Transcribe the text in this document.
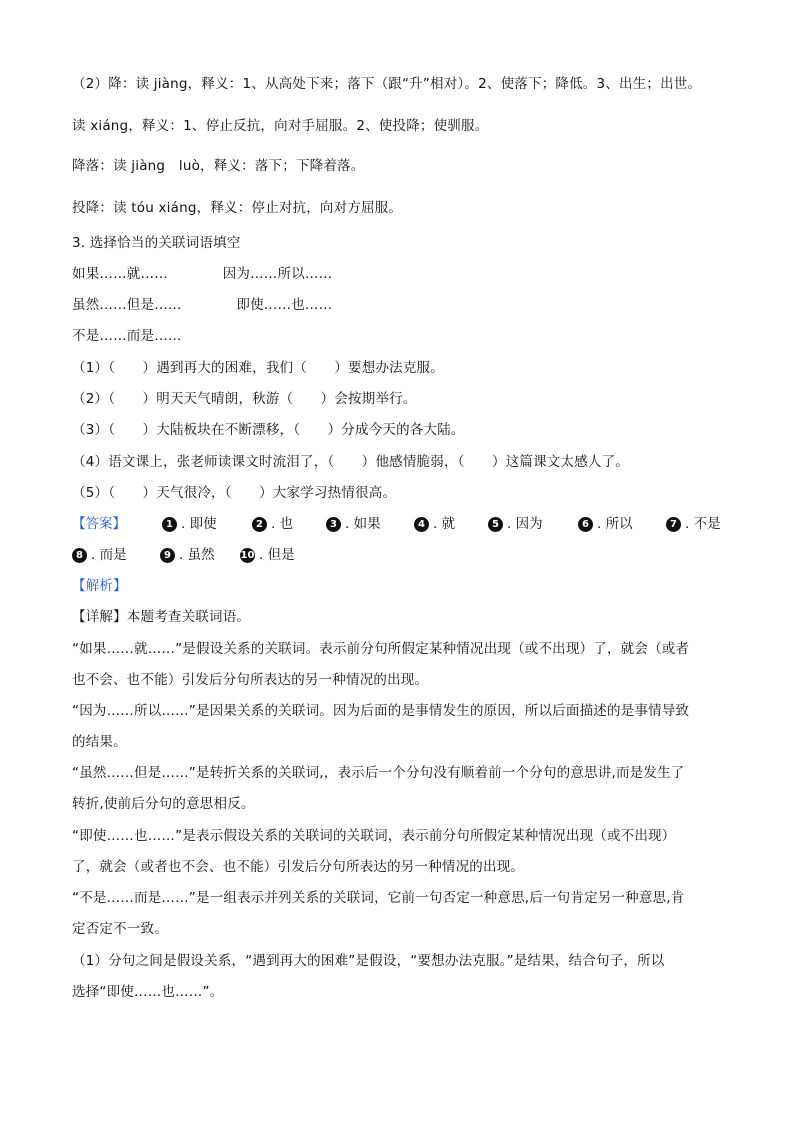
（2）降：读 jiàng，释义：1、从高处下来；落下（跟“升”相对）。2、使落下；降低。3、出生；出世。

读 xiáng，释义：1、停止反抗，向对手屈服。2、使投降；使驯服。

降落：读 jiàng　luò，释义：落下；下降着落。

投降：读 tóu xiáng，释义：停止对抗，向对方屈服。

3. 选择恰当的关联词语填空

如果……就……　　　　因为……所以……

虽然……但是……　　　　即使……也……

不是……而是……

（1）（　　）遇到再大的困难，我们（　　）要想办法克服。

（2）（　　）明天天气晴朗，秋游（　　）会按期举行。

（3）（　　）大陆板块在不断漂移，（　　）分成今天的各大陆。

（4）语文课上，张老师读课文时流泪了，（　　）他感情脆弱，（　　）这篇课文太感人了。

（5）（　　）天气很冷，（　　）大家学习热情很高。

【答案】	1 . 即使	2 . 也	3 . 如果	4 . 就	5 . 因为	6 . 所以	7 . 不是
8 . 而是	9 . 虽然	10 . 但是

【解析】

【详解】本题考查关联词语。

“如果……就……”是假设关系的关联词。表示前分句所假定某种情况出现（或不出现）了，就会（或者

也不会、也不能）引发后分句所表达的另一种情况的出现。

“因为……所以……”是因果关系的关联词。因为后面的是事情发生的原因，所以后面描述的是事情导致

的结果。

“虽然……但是……”是转折关系的关联词,，表示后一个分句没有顺着前一个分句的意思讲,而是发生了

转折,使前后分句的意思相反。

“即使……也……”是表示假设关系的关联词的关联词，表示前分句所假定某种情况出现（或不出现）

了，就会（或者也不会、也不能）引发后分句所表达的另一种情况的出现。

“不是……而是……”是一组表示并列关系的关联词，它前一句否定一种意思,后一句肯定另一种意思,肯

定否定不一致。

（1）分句之间是假设关系，“遇到再大的困难”是假设，“要想办法克服。”是结果，结合句子，所以

选择“即使……也……”。
